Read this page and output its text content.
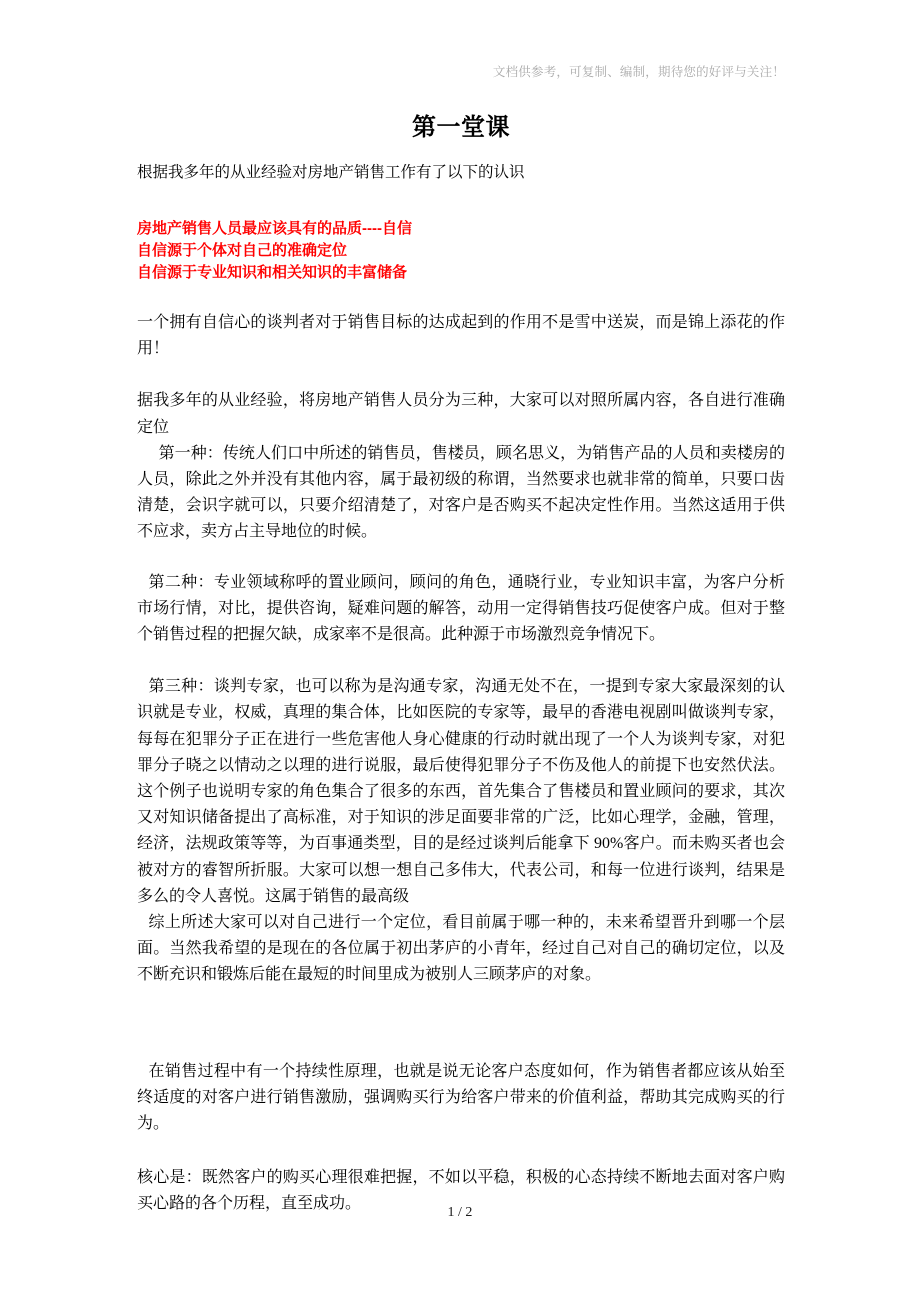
文档供参考，可复制、编制，期待您的好评与关注！
第一堂课

根据我多年的从业经验对房地产销售工作有了以下的认识

房地产销售人员最应该具有的品质----自信
自信源于个体对自己的准确定位
自信源于专业知识和相关知识的丰富储备

一个拥有自信心的谈判者对于销售目标的达成起到的作用不是雪中送炭，而是锦上添花的作用！

据我多年的从业经验，将房地产销售人员分为三种，大家可以对照所属内容，各自进行准确定位

第一种：传统人们口中所述的销售员，售楼员，顾名思义，为销售产品的人员和卖楼房的人员，除此之外并没有其他内容，属于最初级的称谓，当然要求也就非常的简单，只要口齿清楚，会识字就可以，只要介绍清楚了，对客户是否购买不起决定性作用。当然这适用于供不应求，卖方占主导地位的时候。

第二种：专业领域称呼的置业顾问，顾问的角色，通晓行业，专业知识丰富，为客户分析市场行情，对比，提供咨询，疑难问题的解答，动用一定得销售技巧促使客户成。但对于整个销售过程的把握欠缺，成家率不是很高。此种源于市场激烈竞争情况下。

第三种：谈判专家，也可以称为是沟通专家，沟通无处不在，一提到专家大家最深刻的认识就是专业，权威，真理的集合体，比如医院的专家等，最早的香港电视剧叫做谈判专家，每每在犯罪分子正在进行一些危害他人身心健康的行动时就出现了一个人为谈判专家，对犯罪分子晓之以情动之以理的进行说服，最后使得犯罪分子不伤及他人的前提下也安然伏法。这个例子也说明专家的角色集合了很多的东西，首先集合了售楼员和置业顾问的要求，其次又对知识储备提出了高标准，对于知识的涉足面要非常的广泛，比如心理学，金融，管理，经济，法规政策等等，为百事通类型，目的是经过谈判后能拿下 90%客户。而未购买者也会被对方的睿智所折服。大家可以想一想自己多伟大，代表公司，和每一位进行谈判，结果是多么的令人喜悦。这属于销售的最高级

综上所述大家可以对自己进行一个定位，看目前属于哪一种的，未来希望晋升到哪一个层面。当然我希望的是现在的各位属于初出茅庐的小青年，经过自己对自己的确切定位，以及不断充识和锻炼后能在最短的时间里成为被别人三顾茅庐的对象。

在销售过程中有一个持续性原理，也就是说无论客户态度如何，作为销售者都应该从始至终适度的对客户进行销售激励，强调购买行为给客户带来的价值利益，帮助其完成购买的行为。

核心是：既然客户的购买心理很难把握，不如以平稳，积极的心态持续不断地去面对客户购买心路的各个历程，直至成功。

1 / 2
